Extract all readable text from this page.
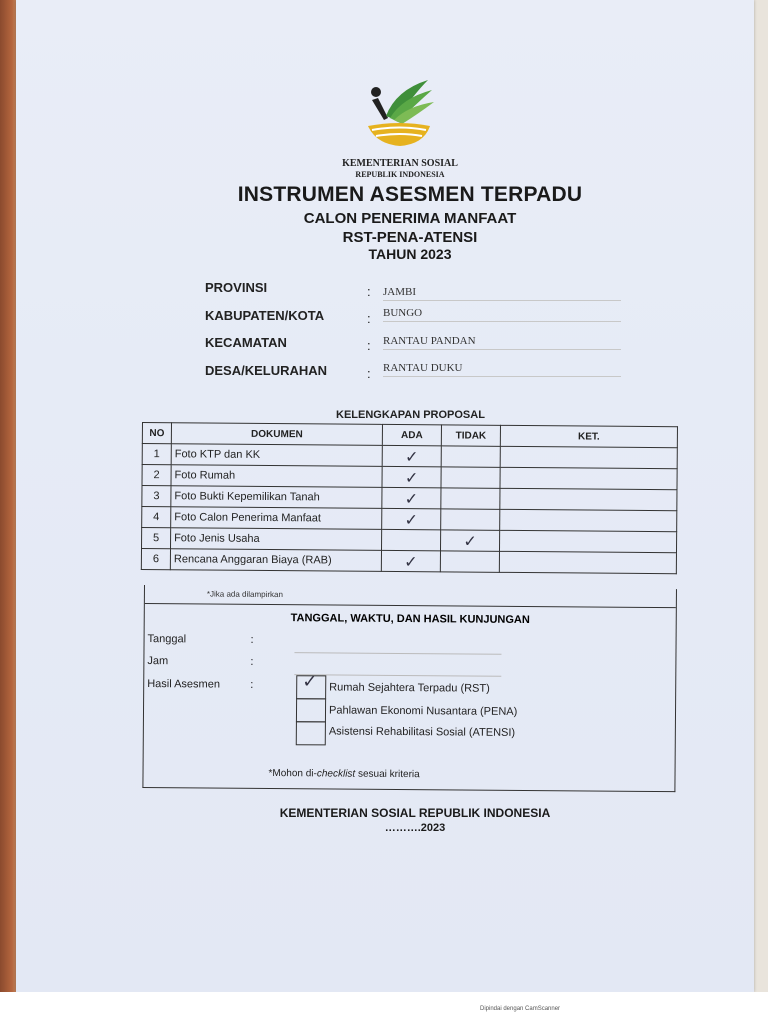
Dipindai dengan CamScanner
KEMENTERIAN SOSIAL
REPUBLIK INDONESIA
INSTRUMEN ASESMEN TERPADU
CALON PENERIMA MANFAAT
RST-PENA-ATENSI
TAHUN 2023
PROVINSI	: JAMBI
KABUPATEN/KOTA	: BUNGO
KECAMATAN	: RANTAU PANDAN
DESA/KELURAHAN	: RANTAU DUKU
KELENGKAPAN PROPOSAL
NO	DOKUMEN	ADA	TIDAK	KET.
1	Foto KTP dan KK	✓		
2	Foto Rumah	✓		
3	Foto Bukti Kepemilikan Tanah	✓		
4	Foto Calon Penerima Manfaat	✓		
5	Foto Jenis Usaha		✓	
6	Rencana Anggaran Biaya (RAB)	✓		
*Jika ada dilampirkan
TANGGAL, WAKTU, DAN HASIL KUNJUNGAN
Tanggal	:
Jam	:
Hasil Asesmen	:	✓ Rumah Sejahtera Terpadu (RST)
Pahlawan Ekonomi Nusantara (PENA)
Asistensi Rehabilitasi Sosial (ATENSI)
*Mohon di-checklist sesuai kriteria
KEMENTERIAN SOSIAL REPUBLIK INDONESIA
……….2023
